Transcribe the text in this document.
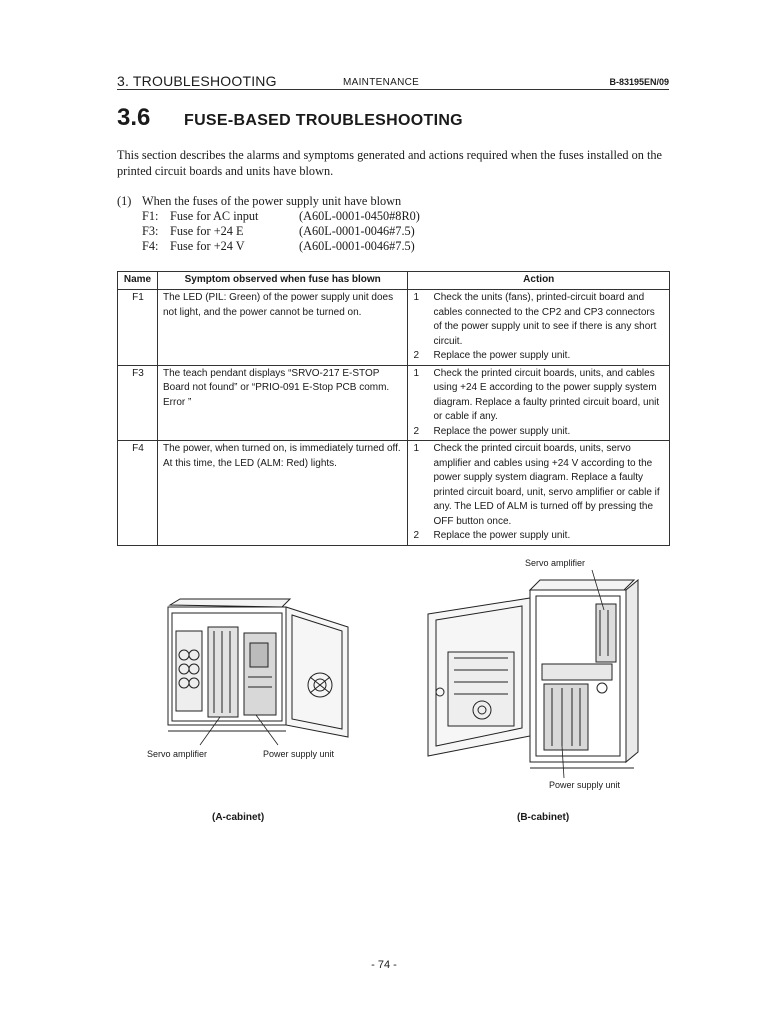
3. TROUBLESHOOTING	MAINTENANCE	B-83195EN/09
3.6 FUSE-BASED TROUBLESHOOTING
This section describes the alarms and symptoms generated and actions required when the fuses installed on the printed circuit boards and units have blown.
(1) When the fuses of the power supply unit have blown
F1: Fuse for AC input	(A60L-0001-0450#8R0)
F3: Fuse for +24 E	(A60L-0001-0046#7.5)
F4: Fuse for +24 V	(A60L-0001-0046#7.5)
Name	Symptom observed when fuse has blown	Action
F1	The LED (PIL: Green) of the power supply unit does not light, and the power cannot be turned on.	1 Check the units (fans), printed-circuit board and cables connected to the CP2 and CP3 connectors of the power supply unit to see if there is any short circuit.
2 Replace the power supply unit.

F3	The teach pendant displays “SRVO-217 E-STOP Board not found” or “PRIO-091 E-Stop PCB comm. Error ”	1 Check the printed circuit boards, units, and cables using +24 E according to the power supply system diagram. Replace a faulty printed circuit board, unit or cable if any.
2 Replace the power supply unit.

F4	The power, when turned on, is immediately turned off. At this time, the LED (ALM: Red) lights.	1 Check the printed circuit boards, units, servo amplifier and cables using +24 V according to the power supply system diagram. Replace a faulty printed circuit board, unit, servo amplifier or cable if any. The LED of ALM is turned off by pressing the OFF button once.
2 Replace the power supply unit.
Servo amplifier	Power supply unit
(A-cabinet)
Servo amplifier
Power supply unit
(B-cabinet)
- 74 -
